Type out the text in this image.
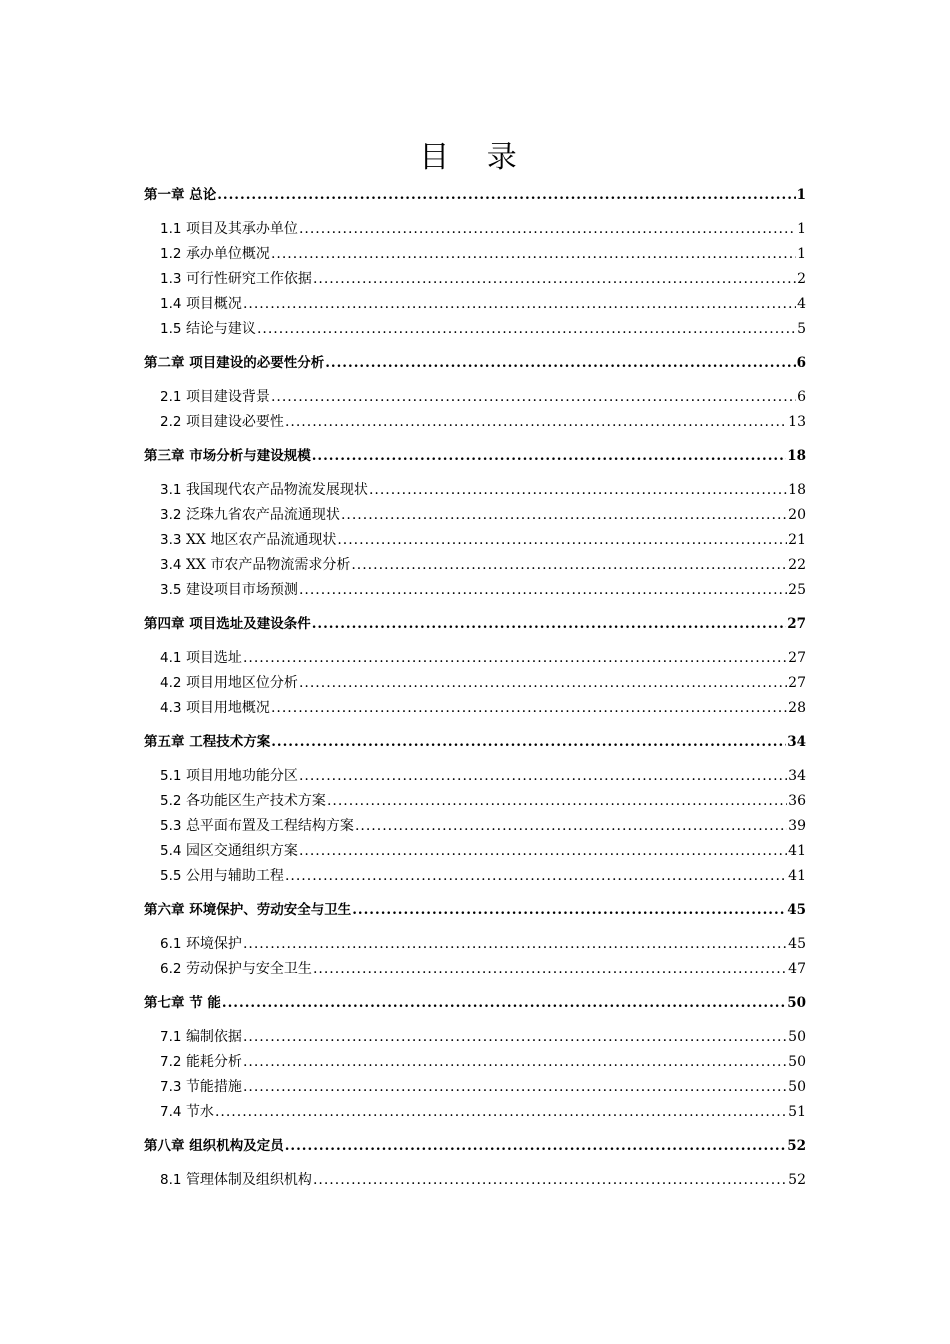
目 录
第一章 总论 .....	1
1.1 项目及其承办单位 .....	1
1.2 承办单位概况 .....	1
1.3 可行性研究工作依据 .....	2
1.4 项目概况 .....	4
1.5 结论与建议 .....	5
第二章 项目建设的必要性分析 .....	6
2.1 项目建设背景 .....	6
2.2 项目建设必要性 .....	13
第三章 市场分析与建设规模 .....	18
3.1 我国现代农产品物流发展现状 .....	18
3.2 泛珠九省农产品流通现状 .....	20
3.3 XX 地区农产品流通现状 .....	21
3.4 XX 市农产品物流需求分析 .....	22
3.5 建设项目市场预测 .....	25
第四章 项目选址及建设条件 .....	27
4.1 项目选址 .....	27
4.2 项目用地区位分析 .....	27
4.3 项目用地概况 .....	28
第五章 工程技术方案 .....	34
5.1 项目用地功能分区 .....	34
5.2 各功能区生产技术方案 .....	36
5.3 总平面布置及工程结构方案 .....	39
5.4 园区交通组织方案 .....	41
5.5 公用与辅助工程 .....	41
第六章 环境保护、劳动安全与卫生 .....	45
6.1 环境保护 .....	45
6.2 劳动保护与安全卫生 .....	47
第七章 节 能 .....	50
7.1 编制依据 .....	50
7.2 能耗分析 .....	50
7.3 节能措施 .....	50
7.4 节水 .....	51
第八章 组织机构及定员 .....	52
8.1 管理体制及组织机构 .....	52
